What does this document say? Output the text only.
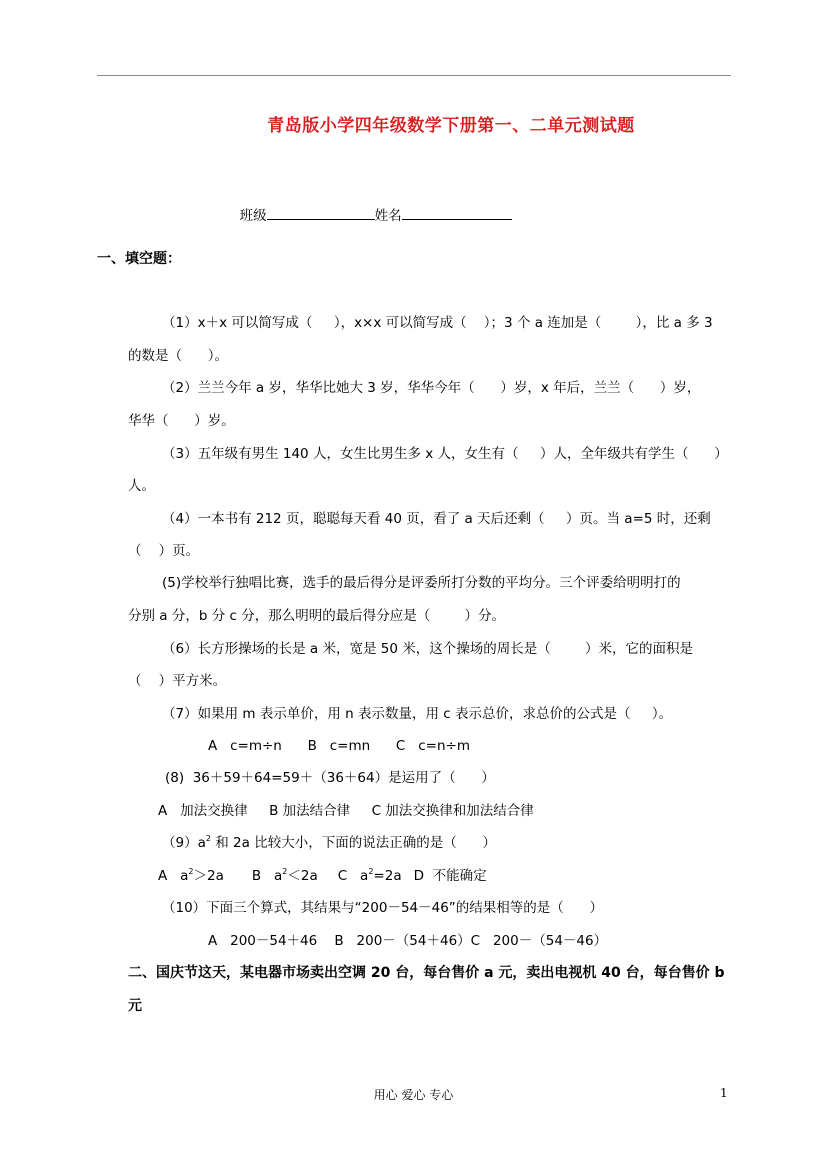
青岛版小学四年级数学下册第一、二单元测试题

班级	姓名

一、填空题：
（1）x＋x 可以简写成（     ），x×x 可以简写成（    ）；3 个 a 连加是（        ），比 a 多 3
的数是（      ）。
（2）兰兰今年 a 岁，华华比她大 3 岁，华华今年（      ）岁，x 年后，兰兰（      ）岁，
华华（      ）岁。
（3）五年级有男生 140 人，女生比男生多 x 人，女生有（     ）人，全年级共有学生（      ）
人。
（4）一本书有 212 页，聪聪每天看 40 页，看了 a 天后还剩（     ）页。当 a=5 时，还剩
（    ）页。
(5)学校举行独唱比赛，选手的最后得分是评委所打分数的平均分。三个评委给明明打的
分别 a 分，b 分 c 分，那么明明的最后得分应是（        ）分。
（6）长方形操场的长是 a 米，宽是 50 米，这个操场的周长是（        ）米，它的面积是
（    ）平方米。
（7）如果用 m 表示单价，用 n 表示数量，用 c 表示总价，求总价的公式是（     ）。
A   c=m÷n      B   c=mn      C   c=n÷m
(8)  36＋59＋64=59＋（36＋64）是运用了（      ）
A   加法交换律     B 加法结合律     C 加法交换律和加法结合律
$(9)a^2$ 和 2a 比较大小，下面的说法正确的是（      ）
A   $a^2>2a$ B   $a^2<2a$ C   $a^2=2a$ D  不能确定
（10）下面三个算式，其结果与“200－54－46”的结果相等的是（      ）
A   200－54＋46    B   200－（54＋46）C   200－（54－46）
二、国庆节这天，某电器市场卖出空调 20 台，每台售价 a 元，卖出电视机 40 台，每台售价 b
元
用心 爱心 专心	1
